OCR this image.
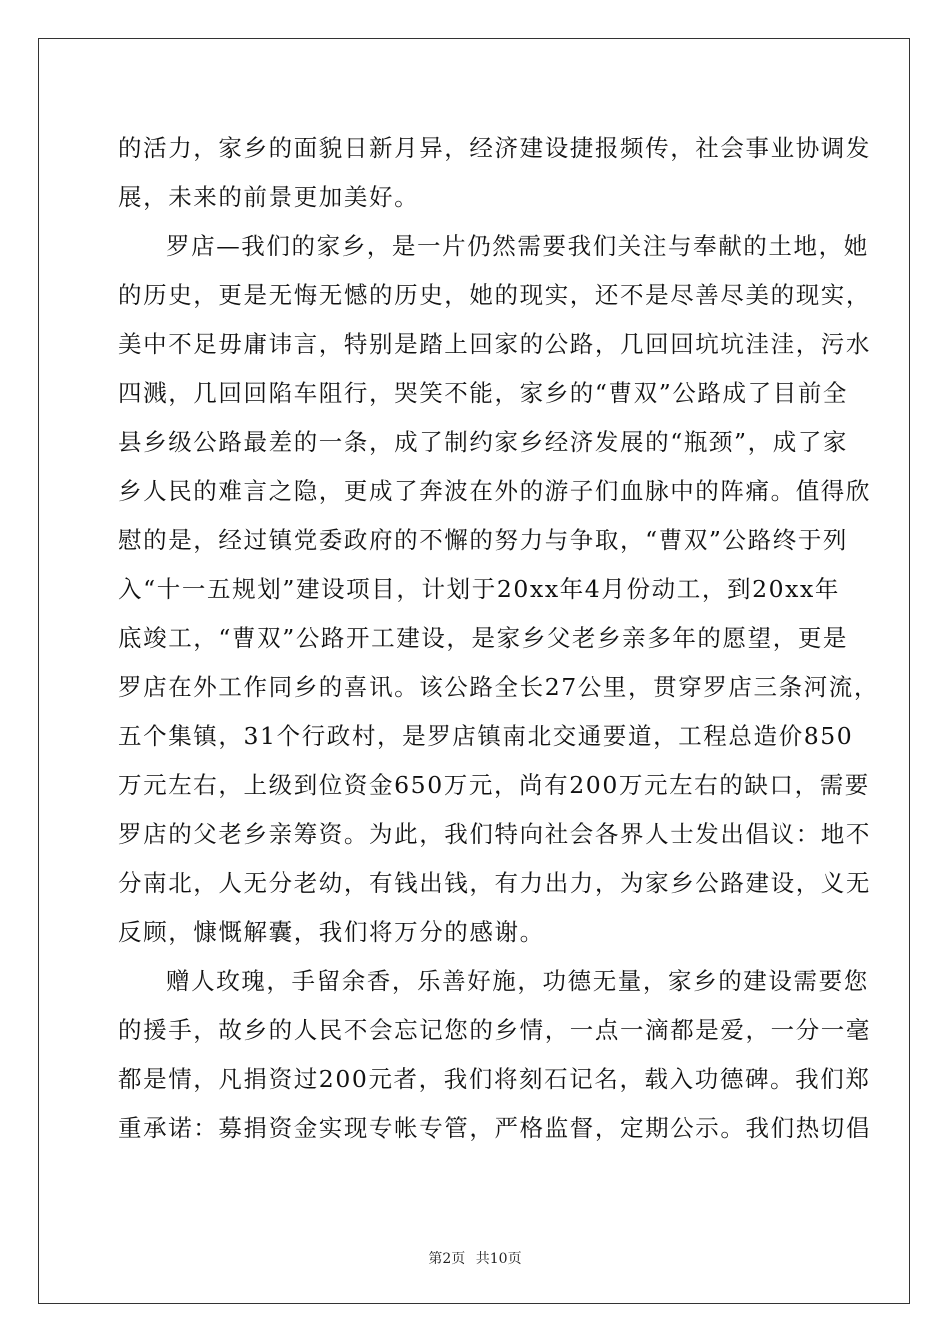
的活力，家乡的面貌日新月异，经济建设捷报频传，社会事业协调发
展，未来的前景更加美好。
罗店—我们的家乡，是一片仍然需要我们关注与奉献的土地，她
的历史，更是无悔无憾的历史，她的现实，还不是尽善尽美的现实，
美中不足毋庸讳言，特别是踏上回家的公路，几回回坑坑洼洼，污水
四溅，几回回陷车阻行，哭笑不能，家乡的“曹双”公路成了目前全
县乡级公路最差的一条，成了制约家乡经济发展的“瓶颈”，成了家
乡人民的难言之隐，更成了奔波在外的游子们血脉中的阵痛。值得欣
慰的是，经过镇党委政府的不懈的努力与争取，“曹双”公路终于列
入“十一五规划”建设项目，计划于20xx年4月份动工，到20xx年
底竣工，“曹双”公路开工建设，是家乡父老乡亲多年的愿望，更是
罗店在外工作同乡的喜讯。该公路全长27公里，贯穿罗店三条河流，
五个集镇，31个行政村，是罗店镇南北交通要道，工程总造价850
万元左右，上级到位资金650万元，尚有200万元左右的缺口，需要
罗店的父老乡亲筹资。为此，我们特向社会各界人士发出倡议：地不
分南北，人无分老幼，有钱出钱，有力出力，为家乡公路建设，义无
反顾，慷慨解囊，我们将万分的感谢。
赠人玫瑰，手留余香，乐善好施，功德无量，家乡的建设需要您
的援手，故乡的人民不会忘记您的乡情，一点一滴都是爱，一分一毫
都是情，凡捐资过200元者，我们将刻石记名，载入功德碑。我们郑
重承诺：募捐资金实现专帐专管，严格监督，定期公示。我们热切倡
第2页 共10页
